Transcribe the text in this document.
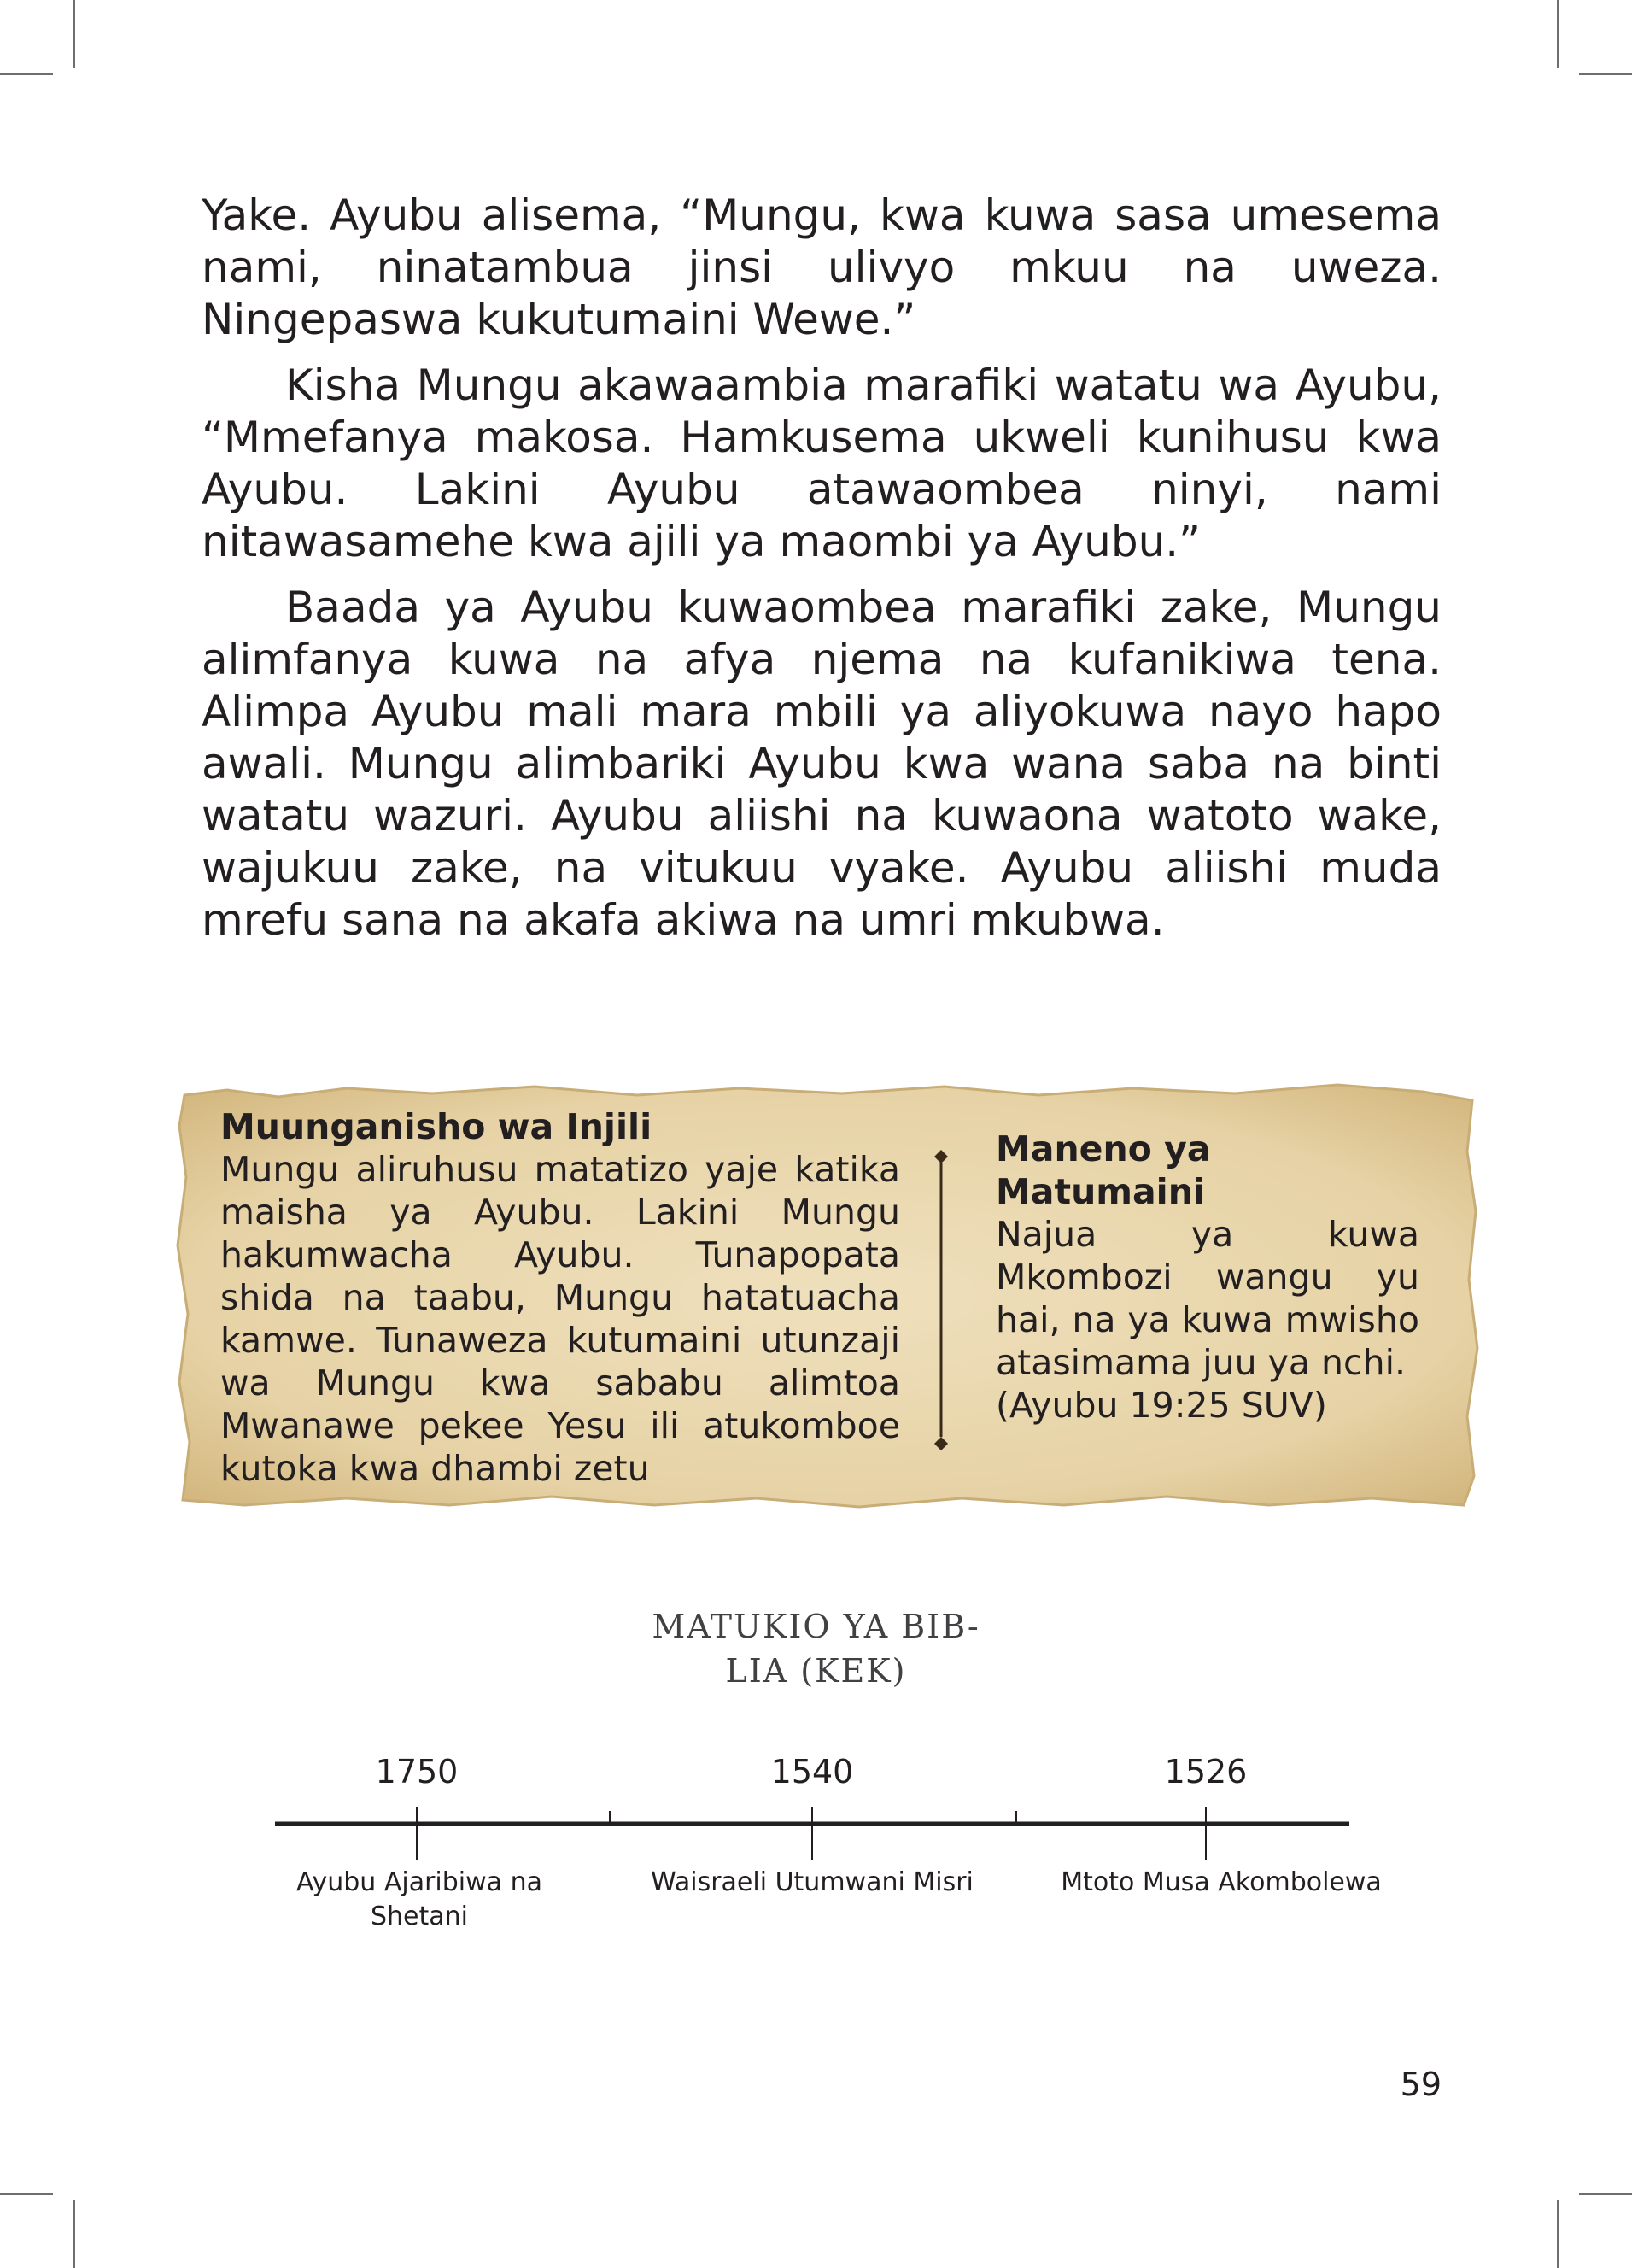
Yake. Ayubu alisema, “Mungu, kwa kuwa sasa umesema nami, ninatambua jinsi ulivyo mkuu na uweza. Ningepaswa kukutumaini Wewe.”

Kisha Mungu akawaambia marafiki watatu wa Ayubu, “Mmefanya makosa. Hamkusema ukweli kunihusu kwa Ayubu. Lakini Ayubu atawaombea ninyi, nami nitawasamehe kwa ajili ya maombi ya Ayubu.”

Baada ya Ayubu kuwaombea marafiki zake, Mungu alimfanya kuwa na afya njema na kufanikiwa tena. Alimpa Ayubu mali mara mbili ya aliyokuwa nayo hapo awali. Mungu alimbariki Ayubu kwa wana saba na binti watatu wazuri. Ayubu aliishi na kuwaona watoto wake, wajukuu zake, na vitukuu vyake. Ayubu aliishi muda mrefu sana na akafa akiwa na umri mkubwa.

Muunganisho wa Injili

Mungu aliruhusu matatizo yaje katika maisha ya Ayubu. Lakini Mungu hakumwacha Ayubu. Tunapopata shida na taabu, Mungu hatatuacha kamwe. Tunaweza kutumaini utunzaji wa Mungu kwa sababu alimtoa Mwanawe pekee Yesu ili atukomboe kutoka kwa dhambi zetu

Maneno ya Matumaini

Najua ya kuwa Mkombozi wangu yu hai, na ya kuwa mwisho atasimama juu ya nchi.

(Ayubu 19:25 SUV)

MATUKIO YA BIB-
LIA (KEK)
1750	1540	1526
Ayubu Ajaribiwa na Shetani
Waisraeli Utumwani Misri	Mtoto Musa Akombolewa
59
